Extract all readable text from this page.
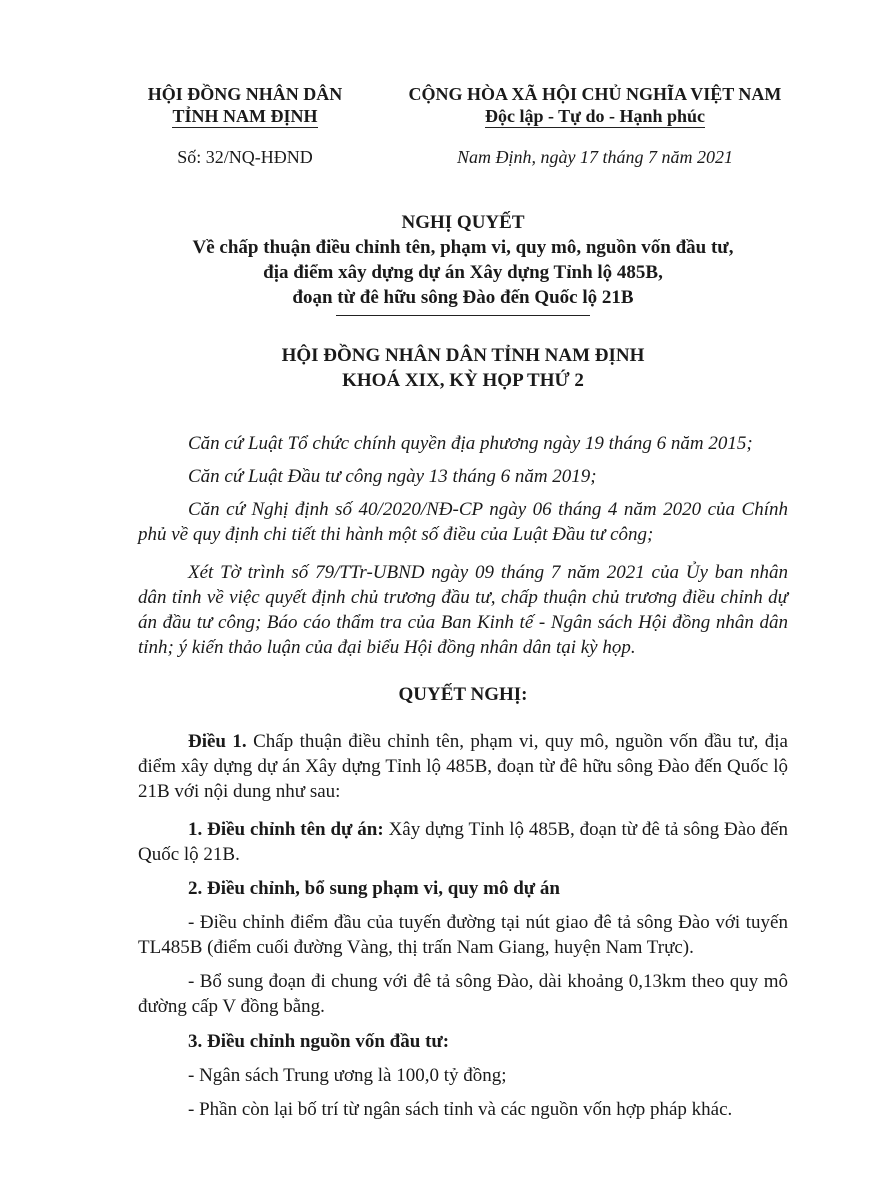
HỘI ĐỒNG NHÂN DÂN
TỈNH NAM ĐỊNH
Số: 32/NQ-HĐND
CỘNG HÒA XÃ HỘI CHỦ NGHĨA VIỆT NAM
Độc lập - Tự do - Hạnh phúc
Nam Định, ngày 17 tháng 7 năm 2021
NGHỊ QUYẾT
Về chấp thuận điều chỉnh tên, phạm vi, quy mô, nguồn vốn đầu tư,
địa điểm xây dựng dự án Xây dựng Tỉnh lộ 485B,
đoạn từ đê hữu sông Đào đến Quốc lộ 21B
HỘI ĐỒNG NHÂN DÂN TỈNH NAM ĐỊNH
KHOÁ XIX, KỲ HỌP THỨ 2
Căn cứ Luật Tổ chức chính quyền địa phương ngày 19 tháng 6 năm 2015;
Căn cứ Luật Đầu tư công ngày 13 tháng 6 năm 2019;
Căn cứ Nghị định số 40/2020/NĐ-CP ngày 06 tháng 4 năm 2020 của Chính phủ về quy định chi tiết thi hành một số điều của Luật Đầu tư công;
Xét Tờ trình số 79/TTr-UBND ngày 09 tháng 7 năm 2021 của Ủy ban nhân dân tỉnh về việc quyết định chủ trương đầu tư, chấp thuận chủ trương điều chỉnh dự án đầu tư công; Báo cáo thẩm tra của Ban Kinh tế - Ngân sách Hội đồng nhân dân tỉnh; ý kiến thảo luận của đại biểu Hội đồng nhân dân tại kỳ họp.
QUYẾT NGHỊ:
Điều 1. Chấp thuận điều chỉnh tên, phạm vi, quy mô, nguồn vốn đầu tư, địa điểm xây dựng dự án Xây dựng Tỉnh lộ 485B, đoạn từ đê hữu sông Đào đến Quốc lộ 21B với nội dung như sau:
1. Điều chỉnh tên dự án: Xây dựng Tỉnh lộ 485B, đoạn từ đê tả sông Đào đến Quốc lộ 21B.
2. Điều chỉnh, bổ sung phạm vi, quy mô dự án
- Điều chỉnh điểm đầu của tuyến đường tại nút giao đê tả sông Đào với tuyến TL485B (điểm cuối đường Vàng, thị trấn Nam Giang, huyện Nam Trực).
- Bổ sung đoạn đi chung với đê tả sông Đào, dài khoảng 0,13km theo quy mô đường cấp V đồng bằng.
3. Điều chỉnh nguồn vốn đầu tư:
- Ngân sách Trung ương là 100,0 tỷ đồng;
- Phần còn lại bố trí từ ngân sách tỉnh và các nguồn vốn hợp pháp khác.
